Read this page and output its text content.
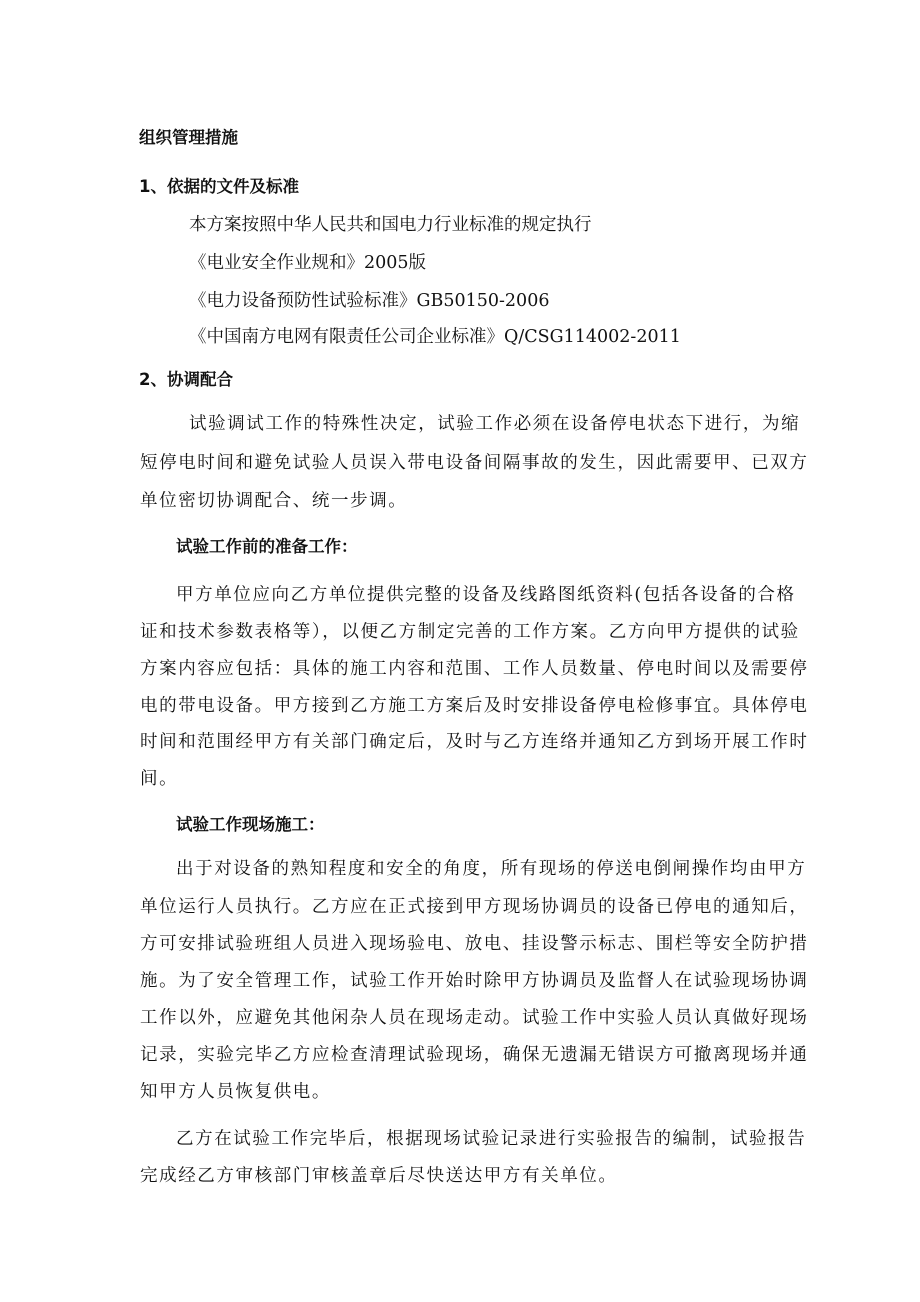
组织管理措施
1、依据的文件及标准
本方案按照中华人民共和国电力行业标准的规定执行
《电业安全作业规和》2005版
《电力设备预防性试验标准》GB50150-2006
《中国南方电网有限责任公司企业标准》Q/CSG114002-2011
2、协调配合
试验调试工作的特殊性决定，试验工作必须在设备停电状态下进行，为缩
短停电时间和避免试验人员误入带电设备间隔事故的发生，因此需要甲、已双方
单位密切协调配合、统一步调。
试验工作前的准备工作：
甲方单位应向乙方单位提供完整的设备及线路图纸资料(包括各设备的合格
证和技术参数表格等），以便乙方制定完善的工作方案。乙方向甲方提供的试验
方案内容应包括：具体的施工内容和范围、工作人员数量、停电时间以及需要停
电的带电设备。甲方接到乙方施工方案后及时安排设备停电检修事宜。具体停电
时间和范围经甲方有关部门确定后，及时与乙方连络并通知乙方到场开展工作时
间。
试验工作现场施工：
出于对设备的熟知程度和安全的角度，所有现场的停送电倒闸操作均由甲方
单位运行人员执行。乙方应在正式接到甲方现场协调员的设备已停电的通知后，
方可安排试验班组人员进入现场验电、放电、挂设警示标志、围栏等安全防护措
施。为了安全管理工作，试验工作开始时除甲方协调员及监督人在试验现场协调
工作以外，应避免其他闲杂人员在现场走动。试验工作中实验人员认真做好现场
记录，实验完毕乙方应检查清理试验现场，确保无遗漏无错误方可撤离现场并通
知甲方人员恢复供电。
乙方在试验工作完毕后，根据现场试验记录进行实验报告的编制，试验报告
完成经乙方审核部门审核盖章后尽快送达甲方有关单位。
